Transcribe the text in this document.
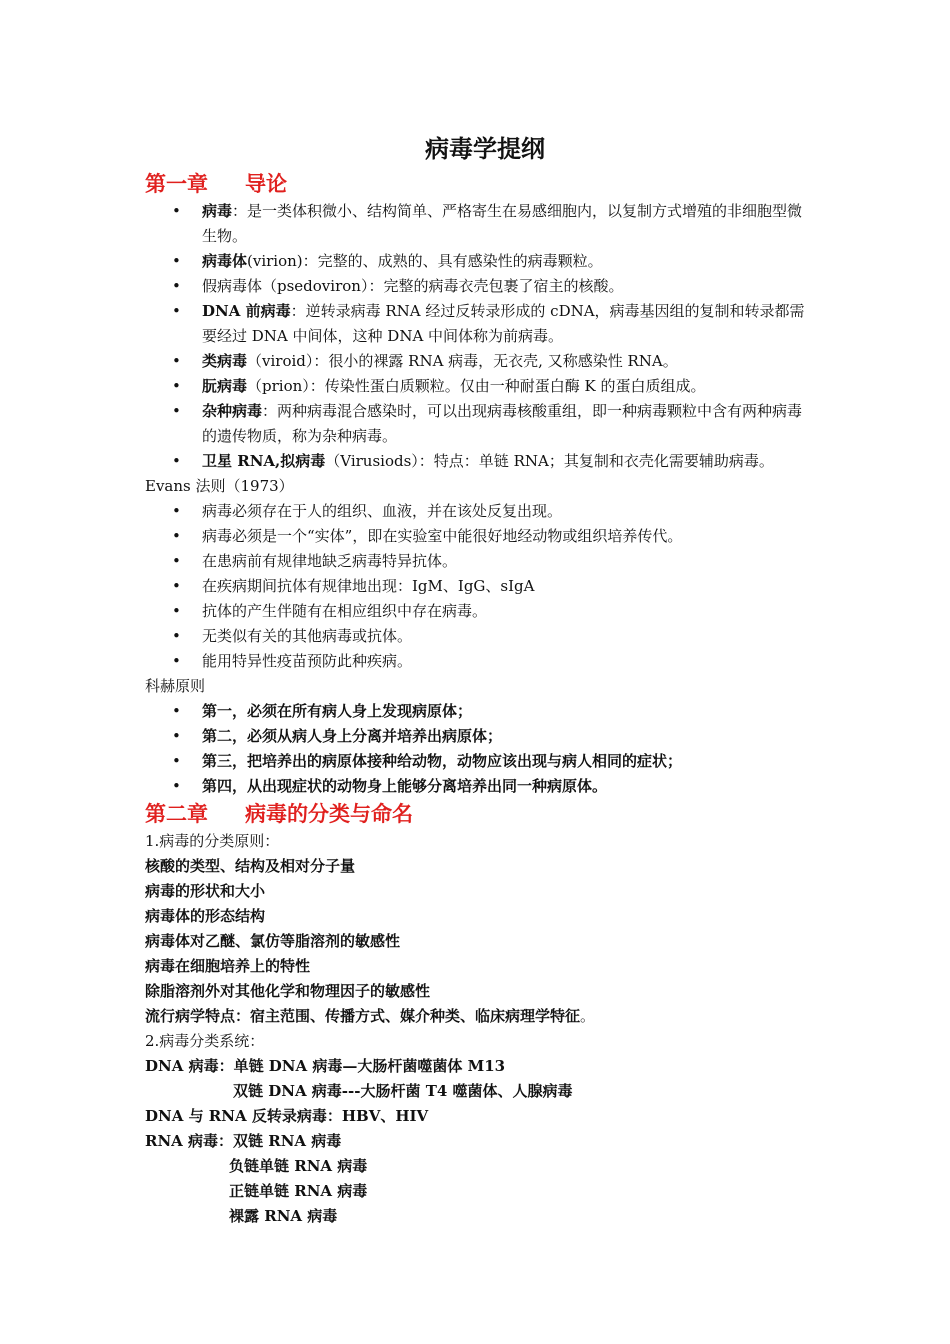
病毒学提纲
第一章 导论
• 病毒：是一类体积微小、结构简单、严格寄生在易感细胞内，以复制方式增殖的非细胞型微生物。
• 病毒体(virion)：完整的、成熟的、具有感染性的病毒颗粒。
• 假病毒体（psedoviron）：完整的病毒衣壳包裹了宿主的核酸。
• DNA 前病毒：逆转录病毒 RNA 经过反转录形成的 cDNA，病毒基因组的复制和转录都需要经过 DNA 中间体，这种 DNA 中间体称为前病毒。
• 类病毒（viroid）：很小的裸露 RNA 病毒，无衣壳, 又称感染性 RNA。
• 朊病毒（prion）：传染性蛋白质颗粒。仅由一种耐蛋白酶 K 的蛋白质组成。
• 杂种病毒：两种病毒混合感染时，可以出现病毒核酸重组，即一种病毒颗粒中含有两种病毒的遗传物质，称为杂种病毒。
• 卫星 RNA,拟病毒（Virusiods）：特点：单链 RNA；其复制和衣壳化需要辅助病毒。

Evans 法则（1973）

• 病毒必须存在于人的组织、血液，并在该处反复出现。
• 病毒必须是一个“实体”，即在实验室中能很好地经动物或组织培养传代。
• 在患病前有规律地缺乏病毒特异抗体。
• 在疾病期间抗体有规律地出现：IgM、IgG、sIgA
• 抗体的产生伴随有在相应组织中存在病毒。
• 无类似有关的其他病毒或抗体。
• 能用特异性疫苗预防此种疾病。

科赫原则

• 第一，必须在所有病人身上发现病原体；
• 第二，必须从病人身上分离并培养出病原体；
• 第三，把培养出的病原体接种给动物，动物应该出现与病人相同的症状；
• 第四，从出现症状的动物身上能够分离培养出同一种病原体。
第二章 病毒的分类与命名

1.病毒的分类原则：

核酸的类型、结构及相对分子量

病毒的形状和大小

病毒体的形态结构

病毒体对乙醚、氯仿等脂溶剂的敏感性

病毒在细胞培养上的特性

除脂溶剂外对其他化学和物理因子的敏感性

流行病学特点：宿主范围、传播方式、媒介种类、临床病理学特征。

2.病毒分类系统：

DNA 病毒：单链 DNA 病毒—大肠杆菌噬菌体 M13

双链 DNA 病毒---大肠杆菌 T4 噬菌体、人腺病毒

DNA 与 RNA 反转录病毒：HBV、HIV

RNA 病毒：双链 RNA 病毒

负链单链 RNA 病毒

正链单链 RNA 病毒

裸露 RNA 病毒
